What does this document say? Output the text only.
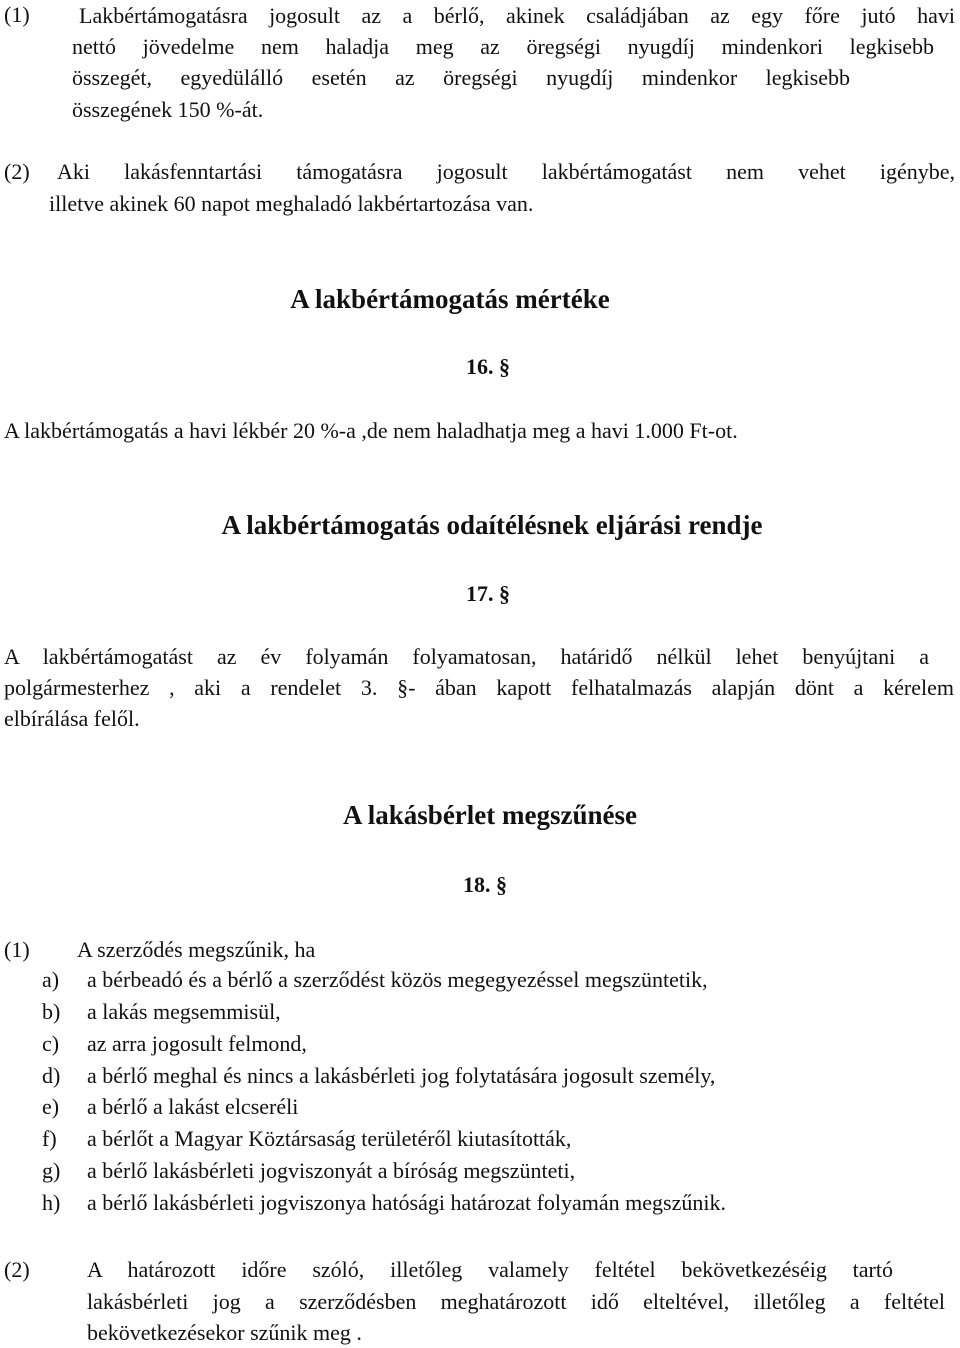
(1) Lakbértámogatásra jogosult az a bérlő, akinek családjában az egy főre jutó havi
nettó jövedelme nem haladja meg az öregségi nyugdíj mindenkori legkisebb
összegét, egyedülálló esetén az öregségi nyugdíj mindenkor legkisebb
összegének 150 %-át.
(2) Aki lakásfenntartási támogatásra jogosult lakbértámogatást nem vehet igénybe,
illetve akinek 60 napot meghaladó lakbértartozása van.
A lakbértámogatás mértéke
16. §
A lakbértámogatás a havi lékbér 20 %-a ,de nem haladhatja meg a havi 1.000 Ft-ot.
A lakbértámogatás odaítélésnek eljárási rendje
17. §
A lakbértámogatást az év folyamán folyamatosan, határidő nélkül lehet benyújtani a
polgármesterhez , aki a rendelet 3. §- ában kapott felhatalmazás alapján dönt a kérelem
elbírálása felől.
A lakásbérlet megszűnése
18. §
(1) A szerződés megszűnik, ha
a) a bérbeadó és a bérlő a szerződést közös megegyezéssel megszüntetik,
b) a lakás megsemmisül,
c) az arra jogosult felmond,
d) a bérlő meghal és nincs a lakásbérleti jog folytatására jogosult személy,
e) a bérlő a lakást elcseréli
f) a bérlőt a Magyar Köztársaság területéről kiutasították,
g) a bérlő lakásbérleti jogviszonyát a bíróság megszünteti,
h) a bérlő lakásbérleti jogviszonya hatósági határozat folyamán megszűnik.
(2)	A határozott időre szóló, illetőleg valamely feltétel bekövetkezéséig tartó
lakásbérleti jog a szerződésben meghatározott idő elteltével, illetőleg a feltétel
bekövetkezésekor szűnik meg .
